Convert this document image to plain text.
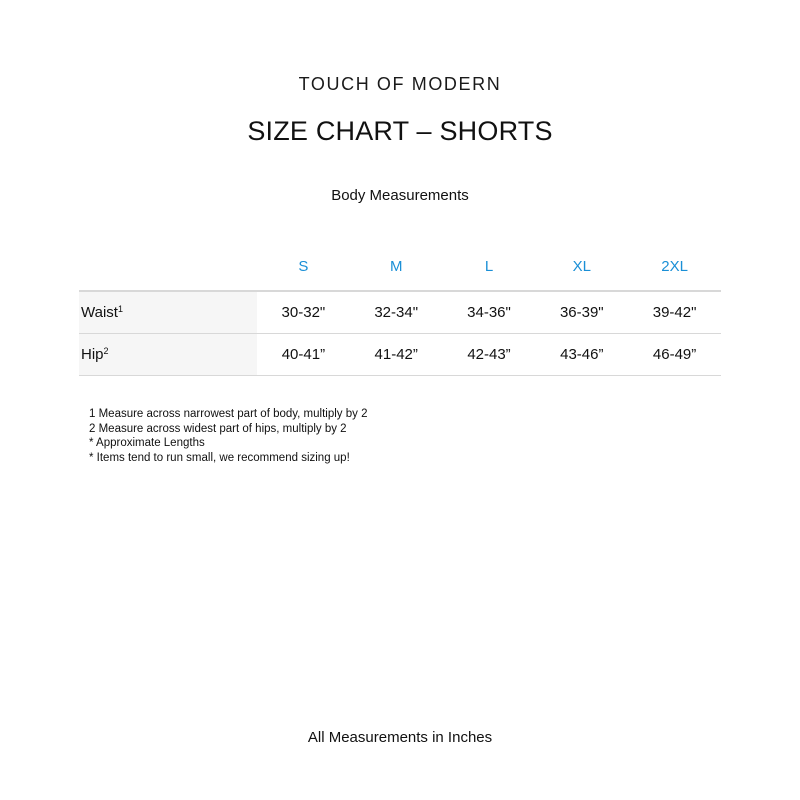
TOUCH OF MODERN
SIZE CHART – SHORTS
Body Measurements
	S	M	L	XL	2XL
Waist$^1$	30-32"	32-34"	34-36"	36-39"	39-42"
Hip$^2$	40-41”	41-42”	42-43”	43-46”	46-49”
1 Measure across narrowest part of body, multiply by 2
2 Measure across widest part of hips, multiply by 2
* Approximate Lengths
* Items tend to run small, we recommend sizing up!
All Measurements in Inches
